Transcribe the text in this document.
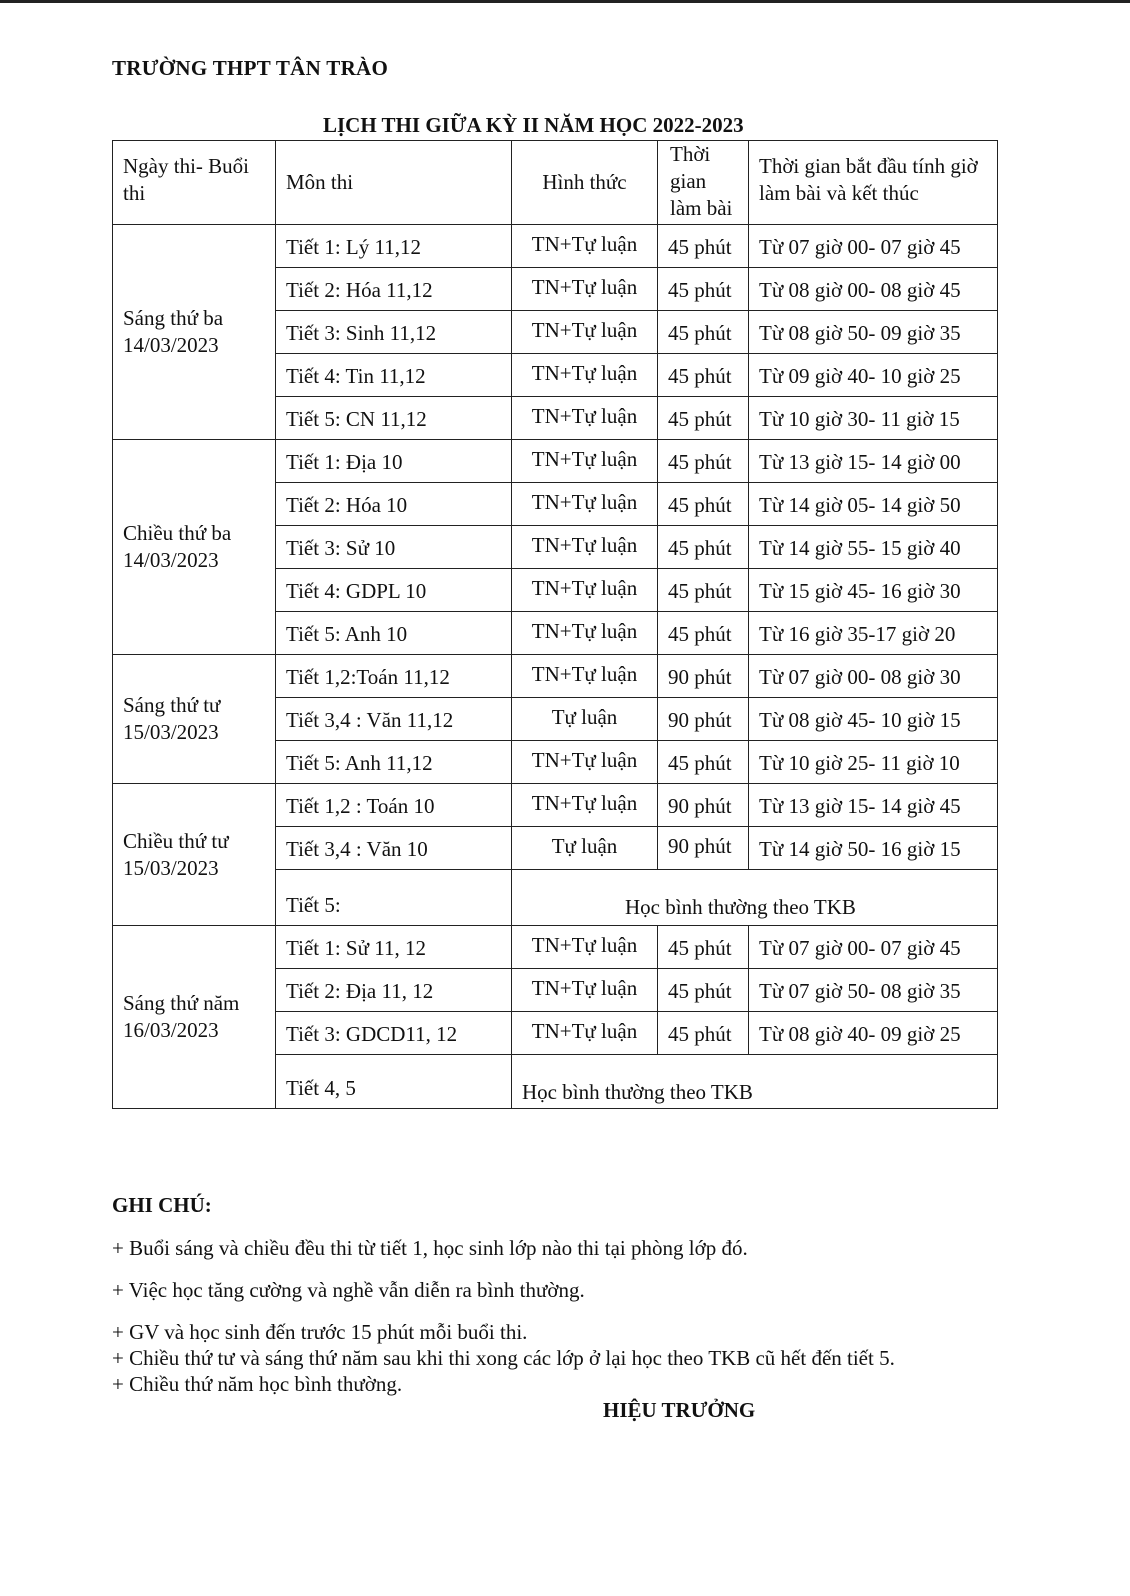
TRƯỜNG THPT TÂN TRÀO
LỊCH THI GIỮA KỲ II NĂM HỌC 2022-2023
Ngày thi- Buổi thi	Môn thi	Hình thức	Thời gian làm bài	Thời gian bắt đầu tính giờ làm bài và kết thúc

Sáng thứ ba
14/03/2023	Tiết 1: Lý 11,12	TN+Tự luận	45 phút	Từ 07 giờ 00- 07 giờ 45
	Tiết 2: Hóa 11,12	TN+Tự luận	45 phút	Từ 08 giờ 00- 08 giờ 45
	Tiết 3: Sinh 11,12	TN+Tự luận	45 phút	Từ 08 giờ 50- 09 giờ 35
	Tiết 4: Tin 11,12	TN+Tự luận	45 phút	Từ 09 giờ 40- 10 giờ 25
	Tiết 5: CN 11,12	TN+Tự luận	45 phút	Từ 10 giờ 30- 11 giờ 15

Chiều thứ ba
14/03/2023	Tiết 1: Địa 10	TN+Tự luận	45 phút	Từ 13 giờ 15- 14 giờ 00
	Tiết 2: Hóa 10	TN+Tự luận	45 phút	Từ 14 giờ 05- 14 giờ 50
	Tiết 3: Sử 10	TN+Tự luận	45 phút	Từ 14 giờ 55- 15 giờ 40
	Tiết 4: GDPL 10	TN+Tự luận	45 phút	Từ 15 giờ 45- 16 giờ 30
	Tiết 5: Anh 10	TN+Tự luận	45 phút	Từ 16 giờ 35-17 giờ 20

Sáng thứ tư
15/03/2023	Tiết 1,2:Toán 11,12	TN+Tự luận	90 phút	Từ 07 giờ 00- 08 giờ 30
	Tiết 3,4 : Văn 11,12	Tự luận	90 phút	Từ 08 giờ 45- 10 giờ 15
	Tiết 5: Anh 11,12	TN+Tự luận	45 phút	Từ 10 giờ 25- 11 giờ 10

Chiều thứ tư
15/03/2023	Tiết 1,2 : Toán 10	TN+Tự luận	90 phút	Từ 13 giờ 15- 14 giờ 45
	Tiết 3,4 : Văn 10	Tự luận	90 phút	Từ 14 giờ 50- 16 giờ 15
	Tiết 5:	Học bình thường theo TKB		

Sáng thứ năm
16/03/2023	Tiết 1: Sử 11, 12	TN+Tự luận	45 phút	Từ 07 giờ 00- 07 giờ 45
	Tiết 2: Địa 11, 12	TN+Tự luận	45 phút	Từ 07 giờ 50- 08 giờ 35
	Tiết 3: GDCD11, 12	TN+Tự luận	45 phút	Từ 08 giờ 40- 09 giờ 25
	Tiết 4, 5	Học bình thường theo TKB		
GHI CHÚ:
+ Buổi sáng và chiều đều thi từ tiết 1, học sinh lớp nào thi tại phòng lớp đó.
+ Việc học tăng cường và nghề vẫn diễn ra bình thường.
+ GV và học sinh đến trước 15 phút mỗi buổi thi.
+ Chiều thứ tư và sáng thứ năm sau khi thi xong các lớp ở lại học theo TKB cũ hết đến tiết 5.
+ Chiều thứ năm học bình thường.
HIỆU TRƯỞNG
